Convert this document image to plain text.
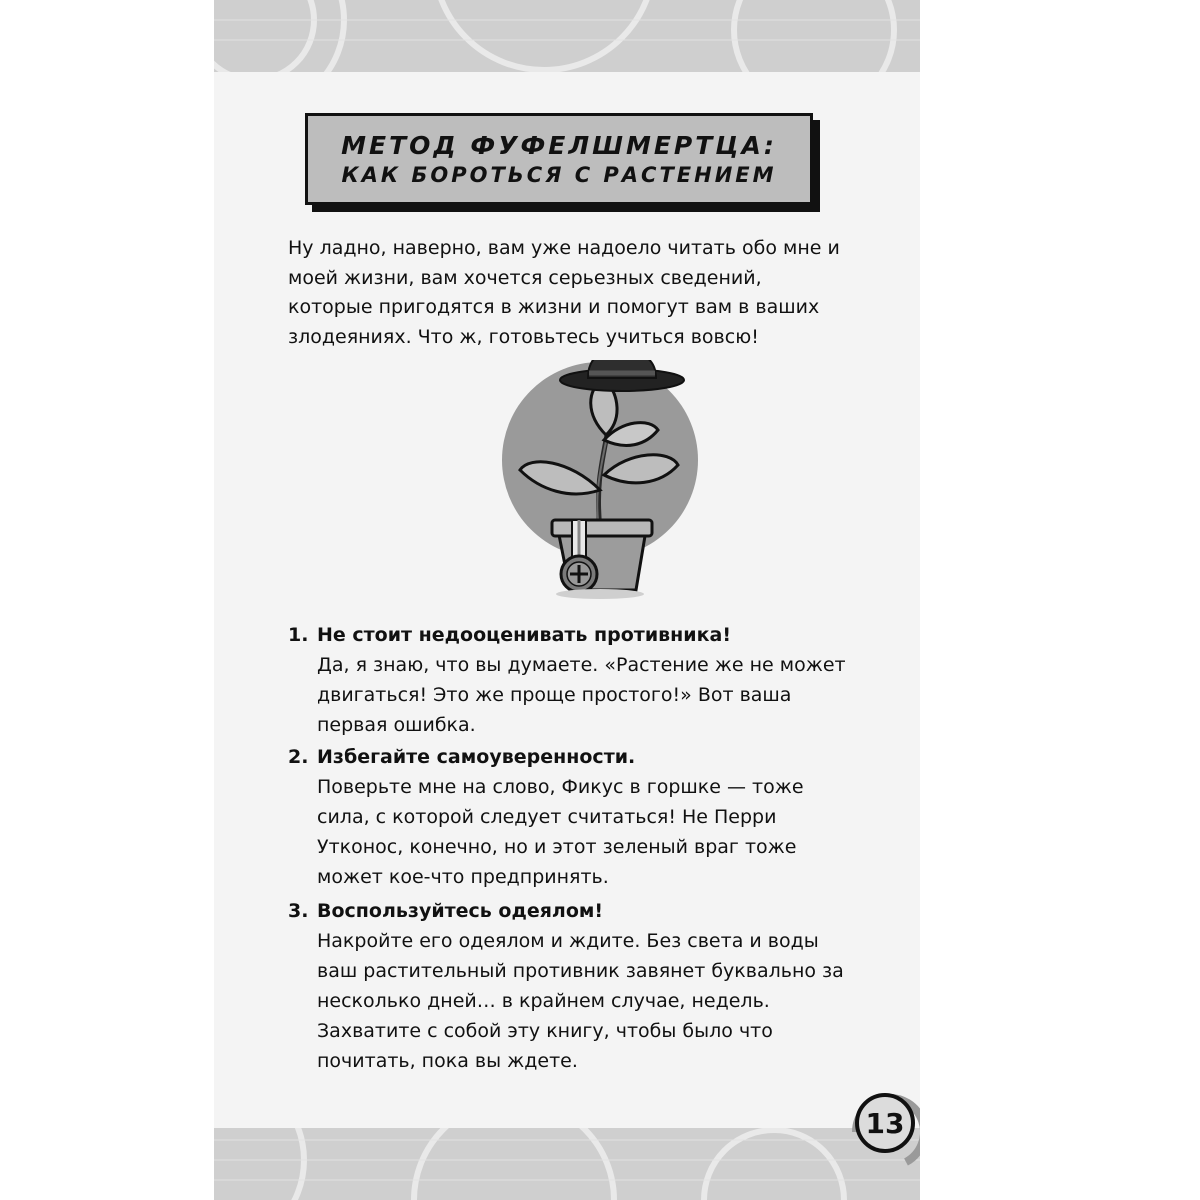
МЕТОД ФУФЕЛШМЕРТЦА:
КАК БОРОТЬСЯ С РАСТЕНИЕМ

Ну ладно, наверно, вам уже надоело читать обо мне и моей жизни, вам хочется серьезных сведений, которые пригодятся в жизни и помогут вам в ваших злодеяниях. Что ж, готовьтесь учиться вовсю!

1. Не стоит недооценивать противника!

Да, я знаю, что вы думаете. «Растение же не может двигаться! Это же проще простого!» Вот ваша первая ошибка.

2. Избегайте самоуверенности.

Поверьте мне на слово, Фикус в горшке — тоже сила, с которой следует считаться! Не Перри Утконос, конечно, но и этот зеленый враг тоже может кое-что предпринять.

3. Воспользуйтесь одеялом!

Накройте его одеялом и ждите. Без света и воды ваш растительный противник завянет буквально за несколько дней… в крайнем случае, недель. Захватите с собой эту книгу, чтобы было что почитать, пока вы ждете.

13
